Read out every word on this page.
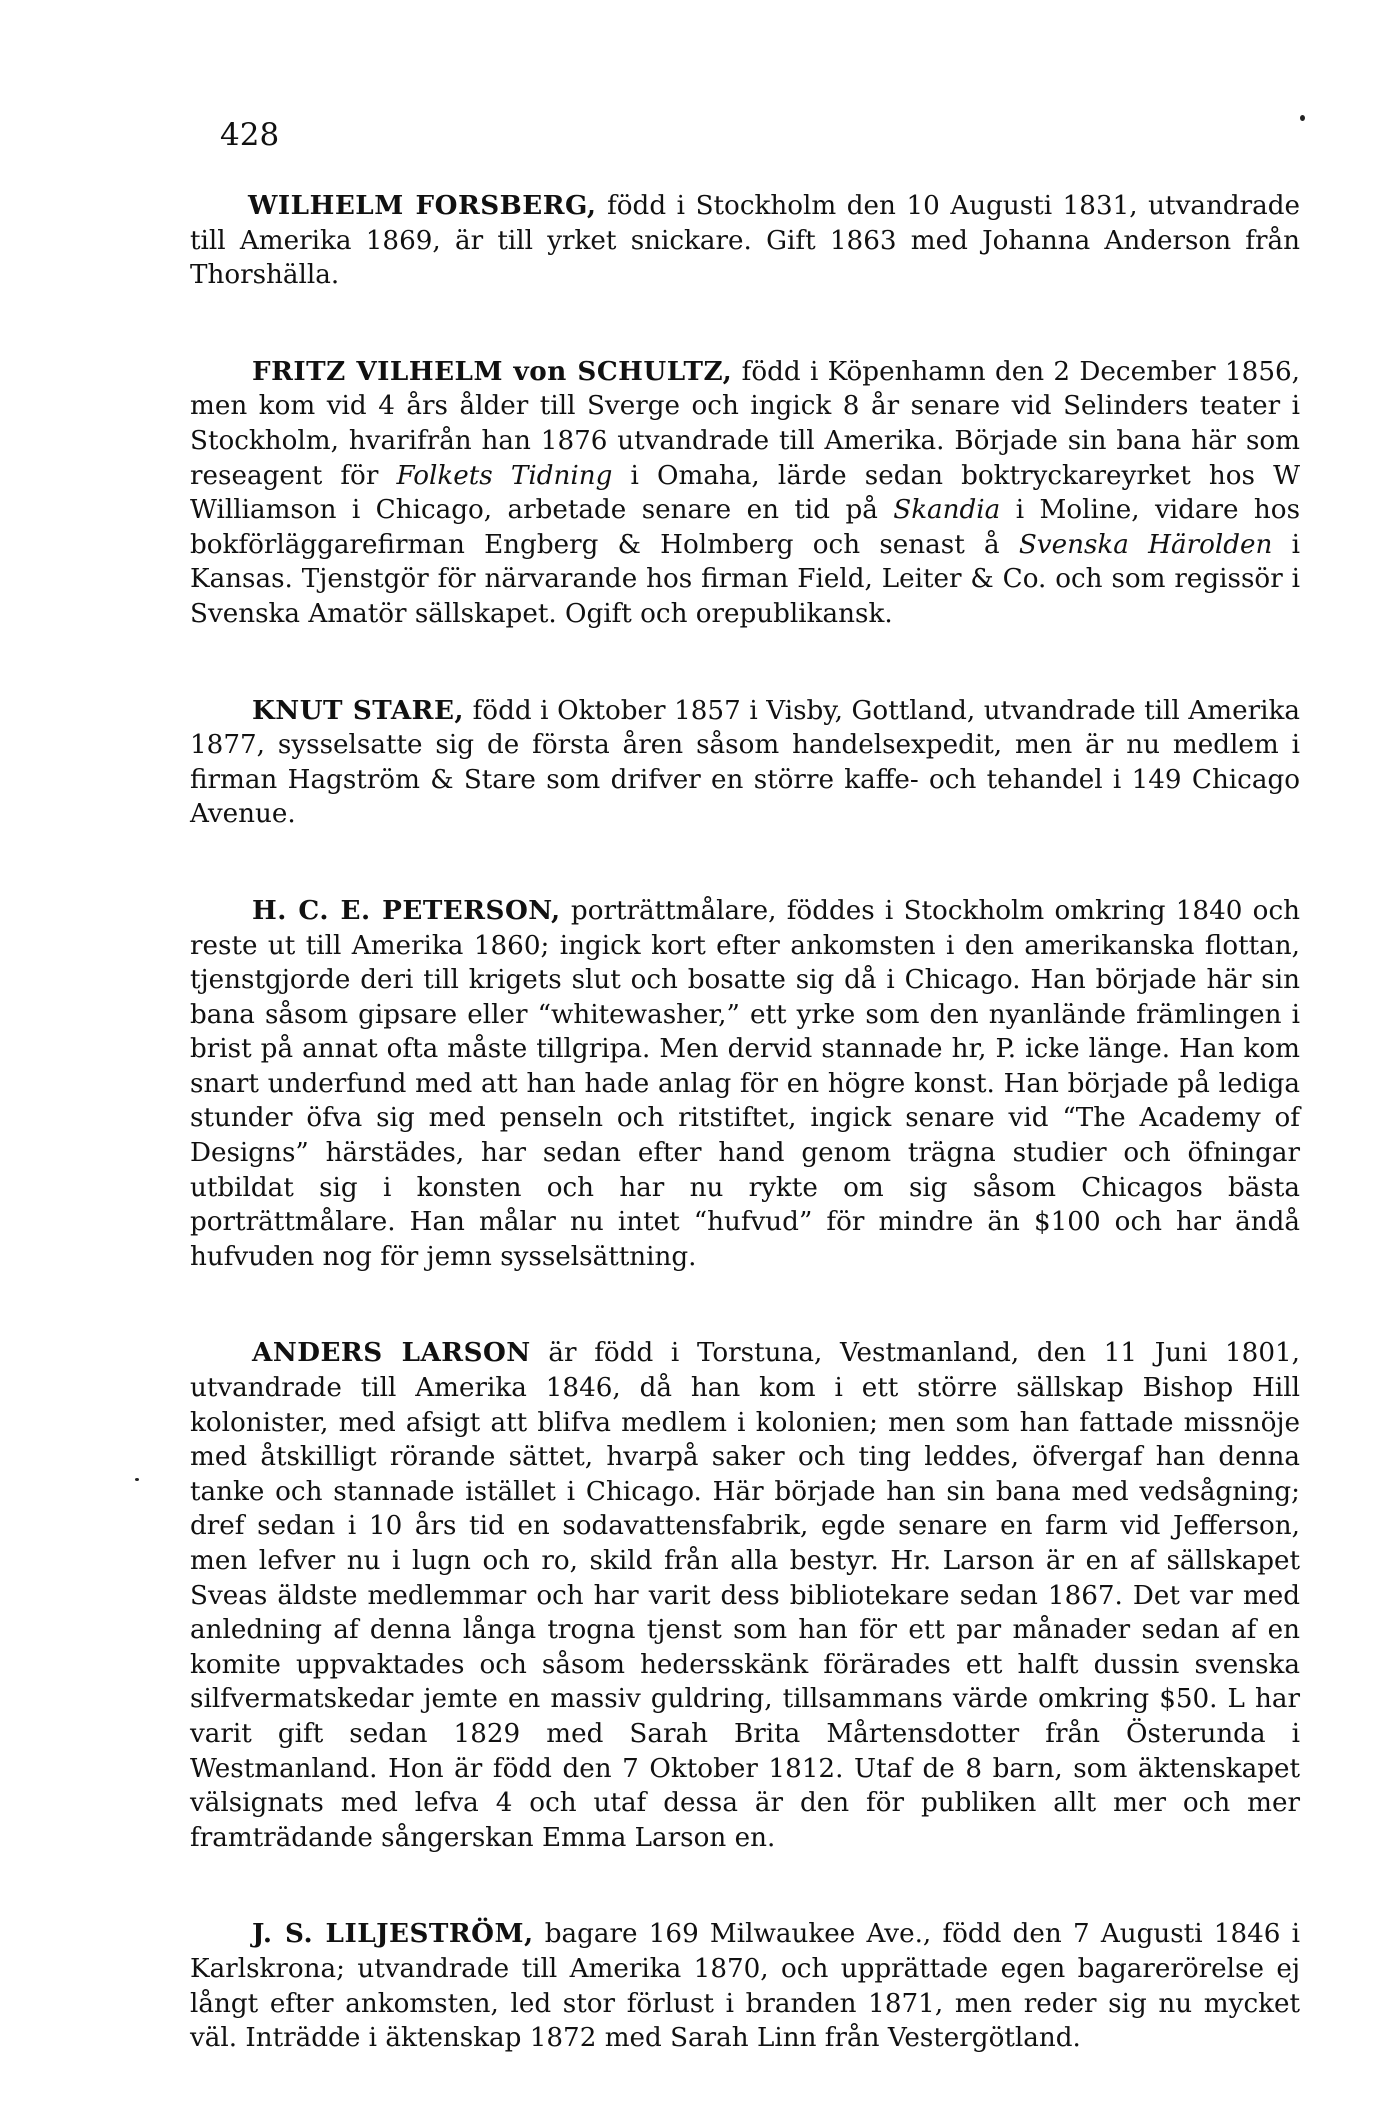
428

WILHELM FORSBERG, född i Stockholm den 10 Augusti 1831, utvandrade till Amerika 1869, är till yrket snickare. Gift 1863 med Johanna Anderson från Thorshälla.

FRITZ VILHELM von SCHULTZ, född i Köpenhamn den 2 December 1856, men kom vid 4 års ålder till Sverge och ingick 8 år senare vid Selinders teater i Stockholm, hvarifrån han 1876 utvandrade till Amerika. Började sin bana här som reseagent för Folkets Tidning i Omaha, lärde sedan boktryckareyrket hos W Williamson i Chicago, arbetade senare en tid på Skandia i Moline, vidare hos bokförläggarefirman Engberg & Holmberg och senast å Svenska Härolden i Kansas. Tjenstgör för närvarande hos firman Field, Leiter & Co. och som regissör i Svenska Amatör sällskapet. Ogift och orepublikansk.

KNUT STARE, född i Oktober 1857 i Visby, Gottland, utvandrade till Amerika 1877, sysselsatte sig de första åren såsom handelsexpedit, men är nu medlem i firman Hagström & Stare som drifver en större kaffe- och tehandel i 149 Chicago Avenue.

H. C. E. PETERSON, porträttmålare, föddes i Stockholm omkring 1840 och reste ut till Amerika 1860; ingick kort efter ankomsten i den amerikanska flottan, tjenstgjorde deri till krigets slut och bosatte sig då i Chicago. Han började här sin bana såsom gipsare eller “whitewasher,” ett yrke som den nyanlände främlingen i brist på annat ofta måste tillgripa. Men dervid stannade hr, P. icke länge. Han kom snart underfund med att han hade anlag för en högre konst. Han började på lediga stunder öfva sig med penseln och ritstiftet, ingick senare vid “The Academy of Designs” härstädes, har sedan efter hand genom trägna studier och öfningar utbildat sig i konsten och har nu rykte om sig såsom Chicagos bästa porträttmålare. Han målar nu intet “hufvud” för mindre än $100 och har ändå hufvuden nog för jemn sysselsättning.

ANDERS LARSON är född i Torstuna, Vestmanland, den 11 Juni 1801, utvandrade till Amerika 1846, då han kom i ett större sällskap Bishop Hill kolonister, med afsigt att blifva medlem i kolonien; men som han fattade missnöje med åtskilligt rörande sättet, hvarpå saker och ting leddes, öfvergaf han denna tanke och stannade istället i Chicago. Här började han sin bana med vedsågning; dref sedan i 10 års tid en sodavattensfabrik, egde senare en farm vid Jefferson, men lefver nu i lugn och ro, skild från alla bestyr. Hr. Larson är en af sällskapet Sveas äldste medlemmar och har varit dess bibliotekare sedan 1867. Det var med anledning af denna långa trogna tjenst som han för ett par månader sedan af en komite uppvaktades och såsom hedersskänk förärades ett halft dussin svenska silfvermatskedar jemte en massiv guldring, tillsammans värde omkring $50. L har varit gift sedan 1829 med Sarah Brita Mårtensdotter från Österunda i Westmanland. Hon är född den 7 Oktober 1812. Utaf de 8 barn, som äktenskapet välsignats med lefva 4 och utaf dessa är den för publiken allt mer och mer framträdande sångerskan Emma Larson en.

J. S. LILJESTRÖM, bagare 169 Milwaukee Ave., född den 7 Augusti 1846 i Karlskrona; utvandrade till Amerika 1870, och upprättade egen bagarerörelse ej långt efter ankomsten, led stor förlust i branden 1871, men reder sig nu mycket väl. Inträdde i äktenskap 1872 med Sarah Linn från Vestergötland.
